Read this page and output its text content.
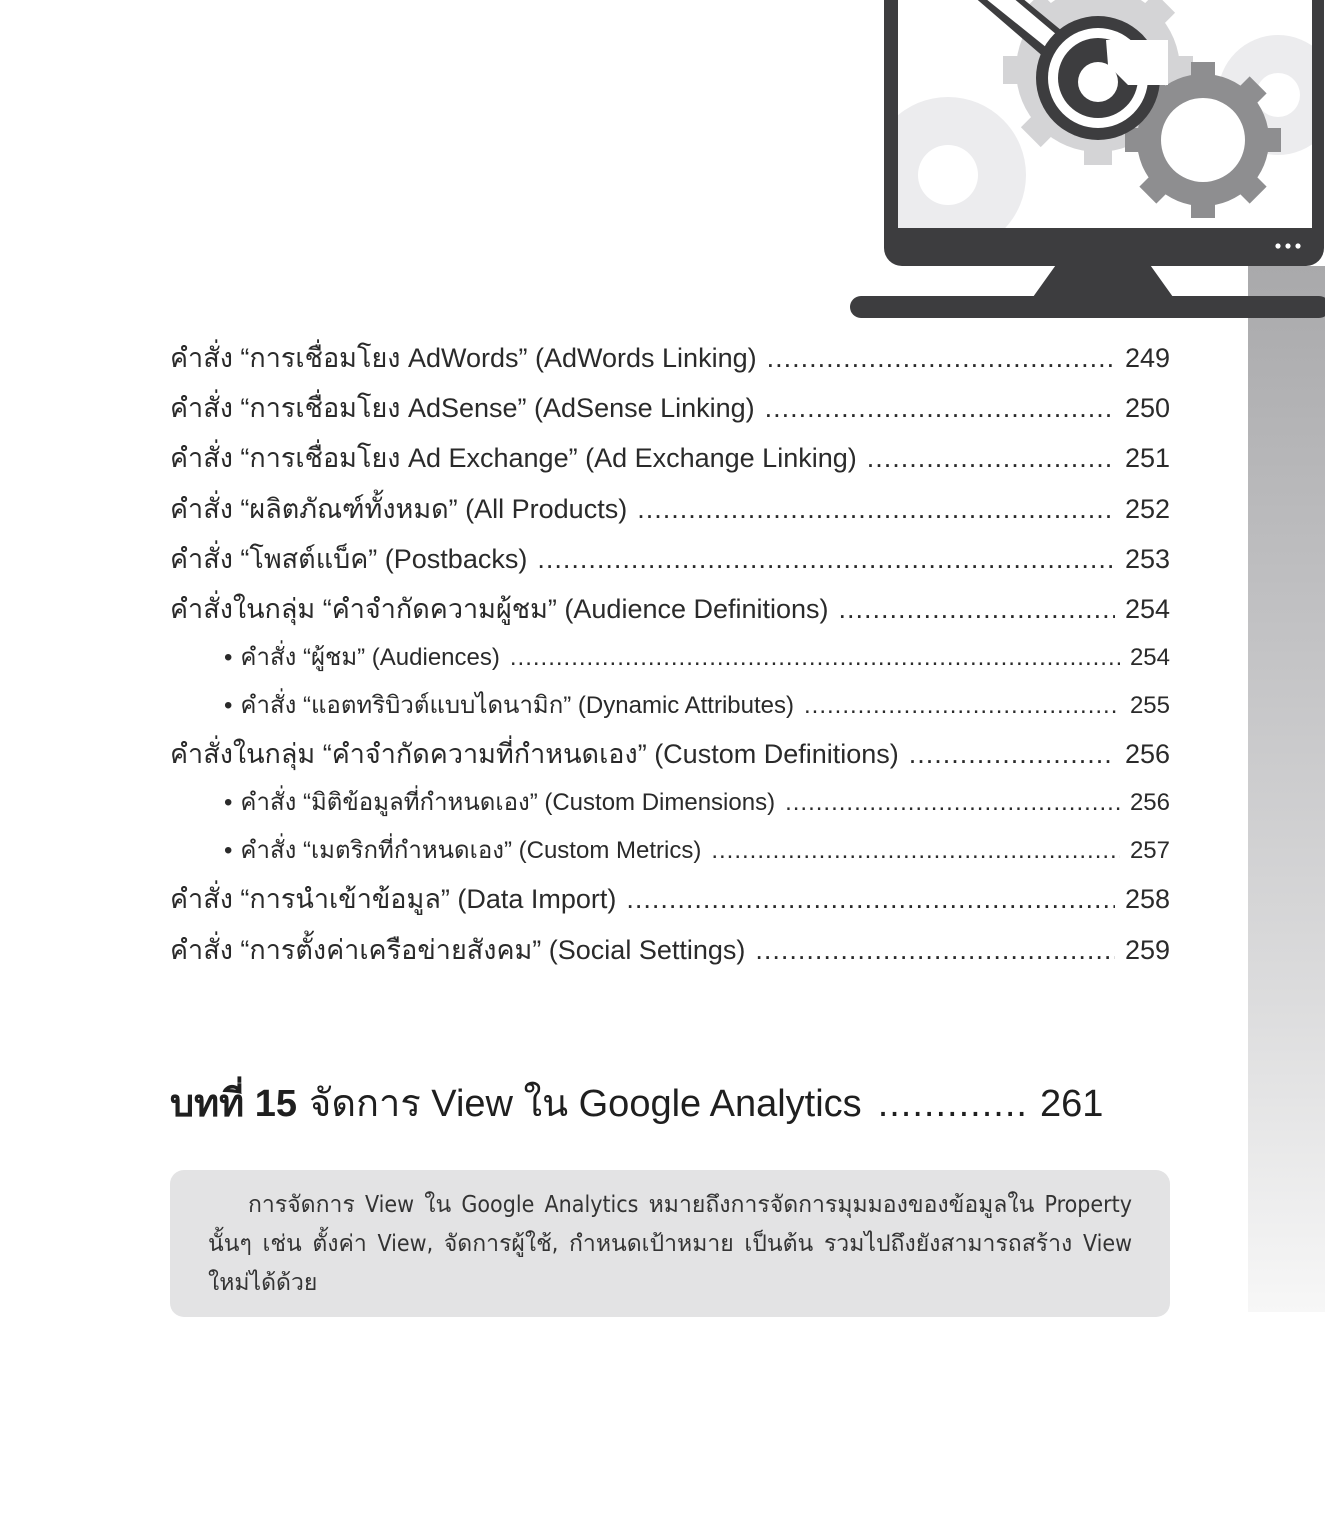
คำสั่ง “การเชื่อมโยง AdWords” (AdWords Linking) .....	249
คำสั่ง “การเชื่อมโยง AdSense” (AdSense Linking) .....	250
คำสั่ง “การเชื่อมโยง Ad Exchange” (Ad Exchange Linking) .....	251
คำสั่ง “ผลิตภัณฑ์ทั้งหมด” (All Products) .....	252
คำสั่ง “โพสต์แบ็ค” (Postbacks) .....	253
คำสั่งในกลุ่ม “คำจำกัดความผู้ชม” (Audience Definitions) .....	254
• คำสั่ง “ผู้ชม” (Audiences) .....	254
• คำสั่ง “แอตทริบิวต์แบบไดนามิก” (Dynamic Attributes) .....	255
คำสั่งในกลุ่ม “คำจำกัดความที่กำหนดเอง” (Custom Definitions) .....	256
• คำสั่ง “มิติข้อมูลที่กำหนดเอง” (Custom Dimensions) .....	256
• คำสั่ง “เมตริกที่กำหนดเอง” (Custom Metrics) .....	257
คำสั่ง “การนำเข้าข้อมูล” (Data Import) .....	258
คำสั่ง “การตั้งค่าเครือข่ายสังคม” (Social Settings) .....	259
บทที่ 15 จัดการ View ใน Google Analytics ............. 261

การจัดการ View ใน Google Analytics หมายถึงการจัดการมุมมองของข้อมูลใน Property นั้นๆ เช่น ตั้งค่า View, จัดการผู้ใช้, กำหนดเป้าหมาย เป็นต้น รวมไปถึงยังสามารถสร้าง View ใหม่ได้ด้วย
